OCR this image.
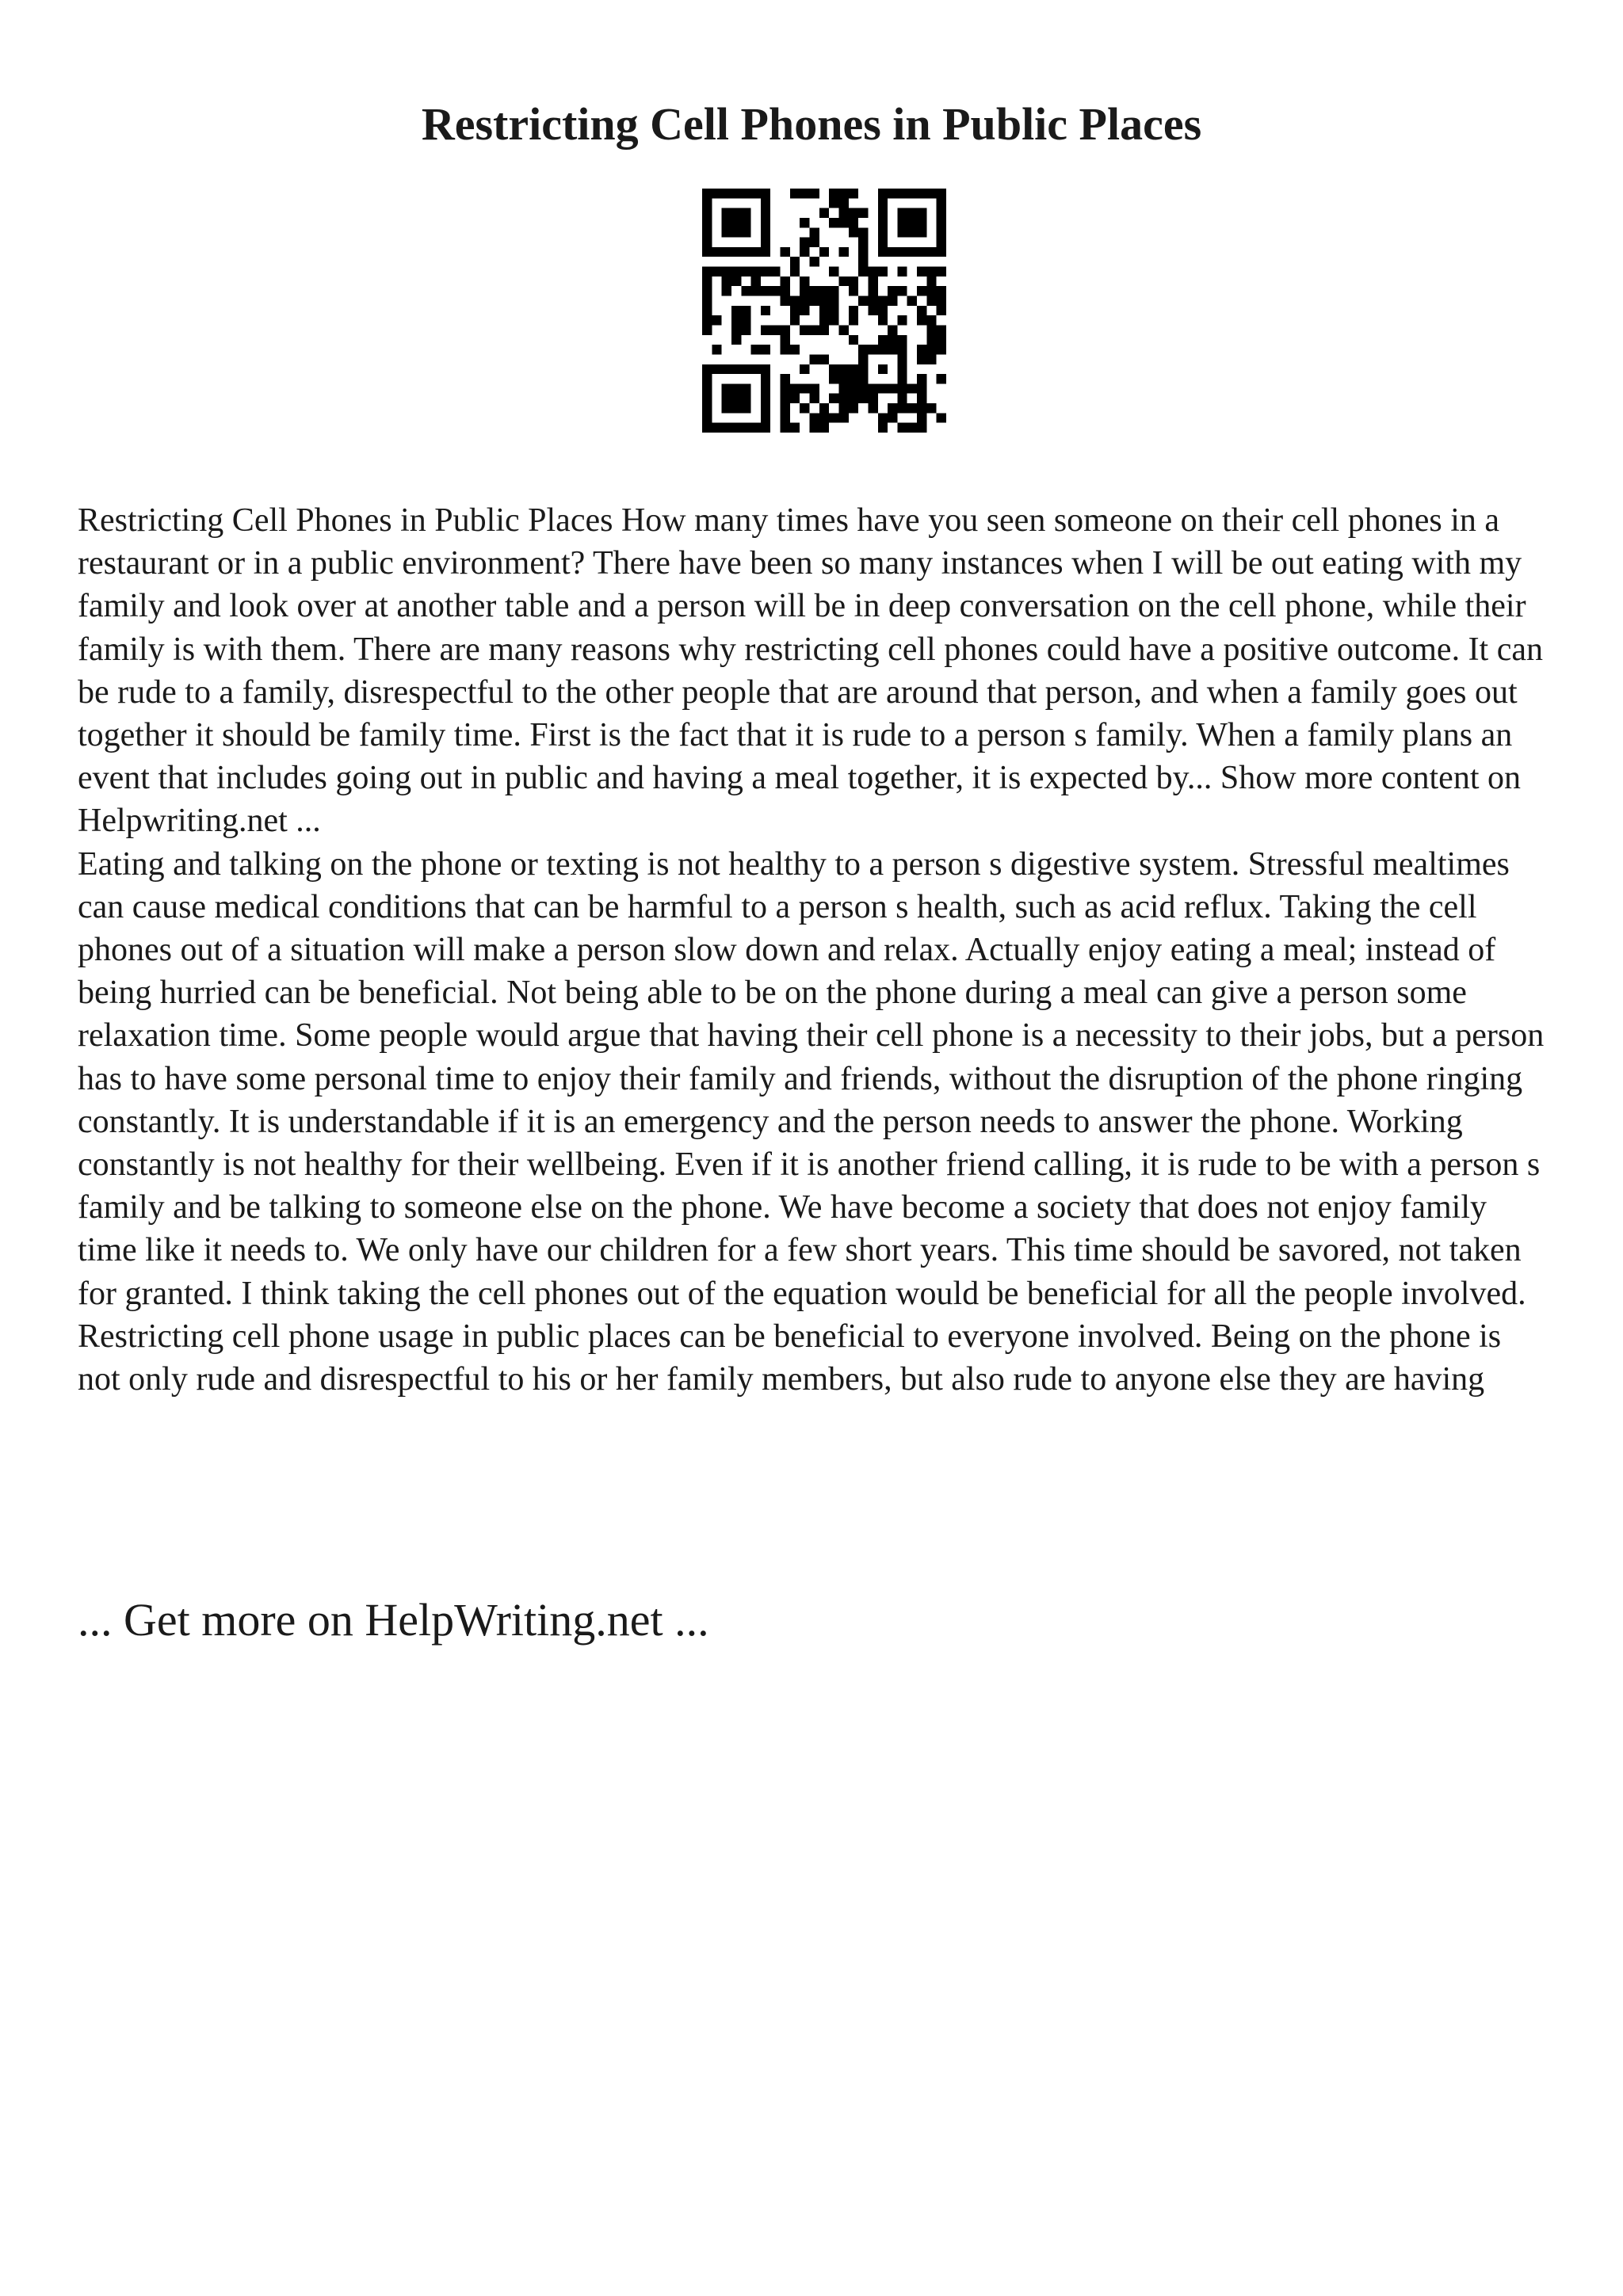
Restricting Cell Phones in Public Places

Restricting Cell Phones in Public Places How many times have you seen someone on their cell phones in a restaurant or in a public environment? There have been so many instances when I will be out eating with my family and look over at another table and a person will be in deep conversation on the cell phone, while their family is with them. There are many reasons why restricting cell phones could have a positive outcome. It can be rude to a family, disrespectful to the other people that are around that person, and when a family goes out together it should be family time. First is the fact that it is rude to a person s family. When a family plans an event that includes going out in public and having a meal together, it is expected by... Show more content on Helpwriting.net ...

Eating and talking on the phone or texting is not healthy to a person s digestive system. Stressful mealtimes can cause medical conditions that can be harmful to a person s health, such as acid reflux. Taking the cell phones out of a situation will make a person slow down and relax. Actually enjoy eating a meal; instead of being hurried can be beneficial. Not being able to be on the phone during a meal can give a person some relaxation time. Some people would argue that having their cell phone is a necessity to their jobs, but a person has to have some personal time to enjoy their family and friends, without the disruption of the phone ringing constantly. It is understandable if it is an emergency and the person needs to answer the phone. Working constantly is not healthy for their wellbeing. Even if it is another friend calling, it is rude to be with a person s family and be talking to someone else on the phone. We have become a society that does not enjoy family time like it needs to. We only have our children for a few short years. This time should be savored, not taken for granted. I think taking the cell phones out of the equation would be beneficial for all the people involved. Restricting cell phone usage in public places can be beneficial to everyone involved. Being on the phone is not only rude and disrespectful to his or her family members, but also rude to anyone else they are having

... Get more on HelpWriting.net ...
